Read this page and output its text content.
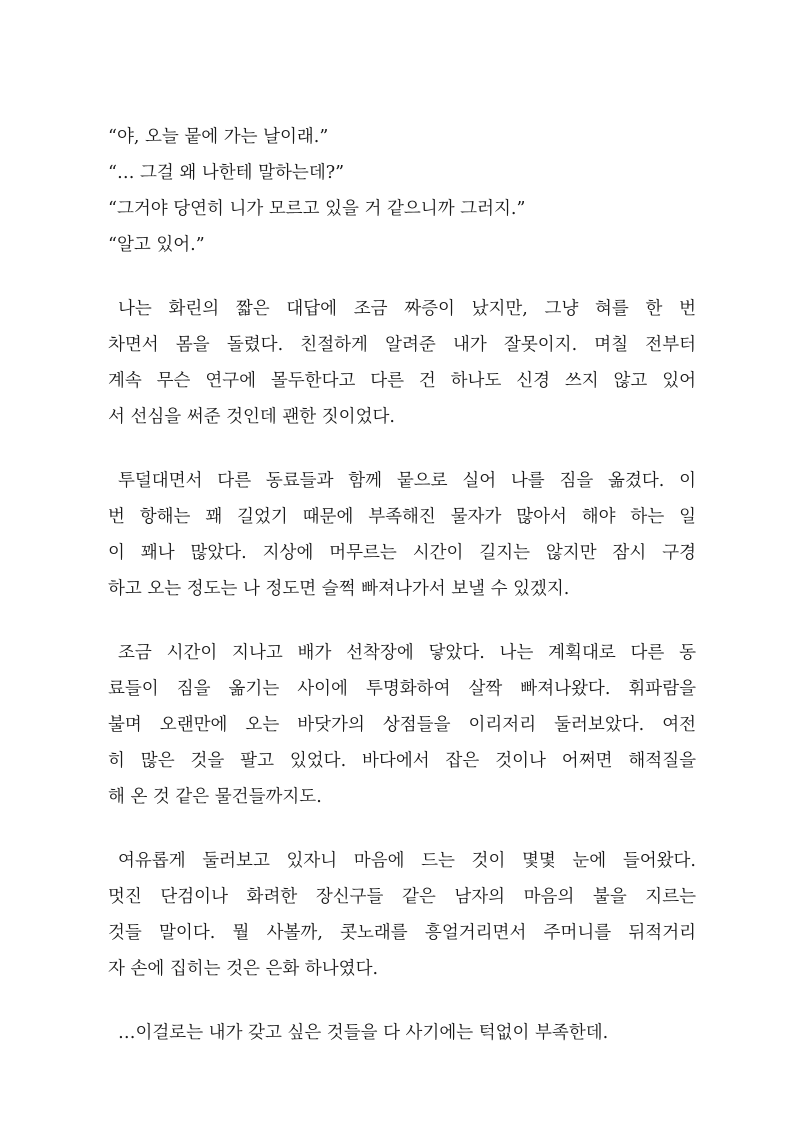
“야, 오늘 뭍에 가는 날이래.”
“… 그걸 왜 나한테 말하는데?”
“그거야 당연히 니가 모르고 있을 거 같으니까 그러지.”
“알고 있어.”
나는 화린의 짧은 대답에 조금 짜증이 났지만, 그냥 혀를 한 번
차면서 몸을 돌렸다. 친절하게 알려준 내가 잘못이지. 며칠 전부터
계속 무슨 연구에 몰두한다고 다른 건 하나도 신경 쓰지 않고 있어
서 선심을 써준 것인데 괜한 짓이었다.
투덜대면서 다른 동료들과 함께 뭍으로 실어 나를 짐을 옮겼다. 이
번 항해는 꽤 길었기 때문에 부족해진 물자가 많아서 해야 하는 일
이 꽤나 많았다. 지상에 머무르는 시간이 길지는 않지만 잠시 구경
하고 오는 정도는 나 정도면 슬쩍 빠져나가서 보낼 수 있겠지.
조금 시간이 지나고 배가 선착장에 닿았다. 나는 계획대로 다른 동
료들이 짐을 옮기는 사이에 투명화하여 살짝 빠져나왔다. 휘파람을
불며 오랜만에 오는 바닷가의 상점들을 이리저리 둘러보았다. 여전
히 많은 것을 팔고 있었다. 바다에서 잡은 것이나 어쩌면 해적질을
해 온 것 같은 물건들까지도.
여유롭게 둘러보고 있자니 마음에 드는 것이 몇몇 눈에 들어왔다.
멋진 단검이나 화려한 장신구들 같은 남자의 마음의 불을 지르는
것들 말이다. 뭘 사볼까, 콧노래를 흥얼거리면서 주머니를 뒤적거리
자 손에 집히는 것은 은화 하나였다.
…이걸로는 내가 갖고 싶은 것들을 다 사기에는 턱없이 부족한데.
